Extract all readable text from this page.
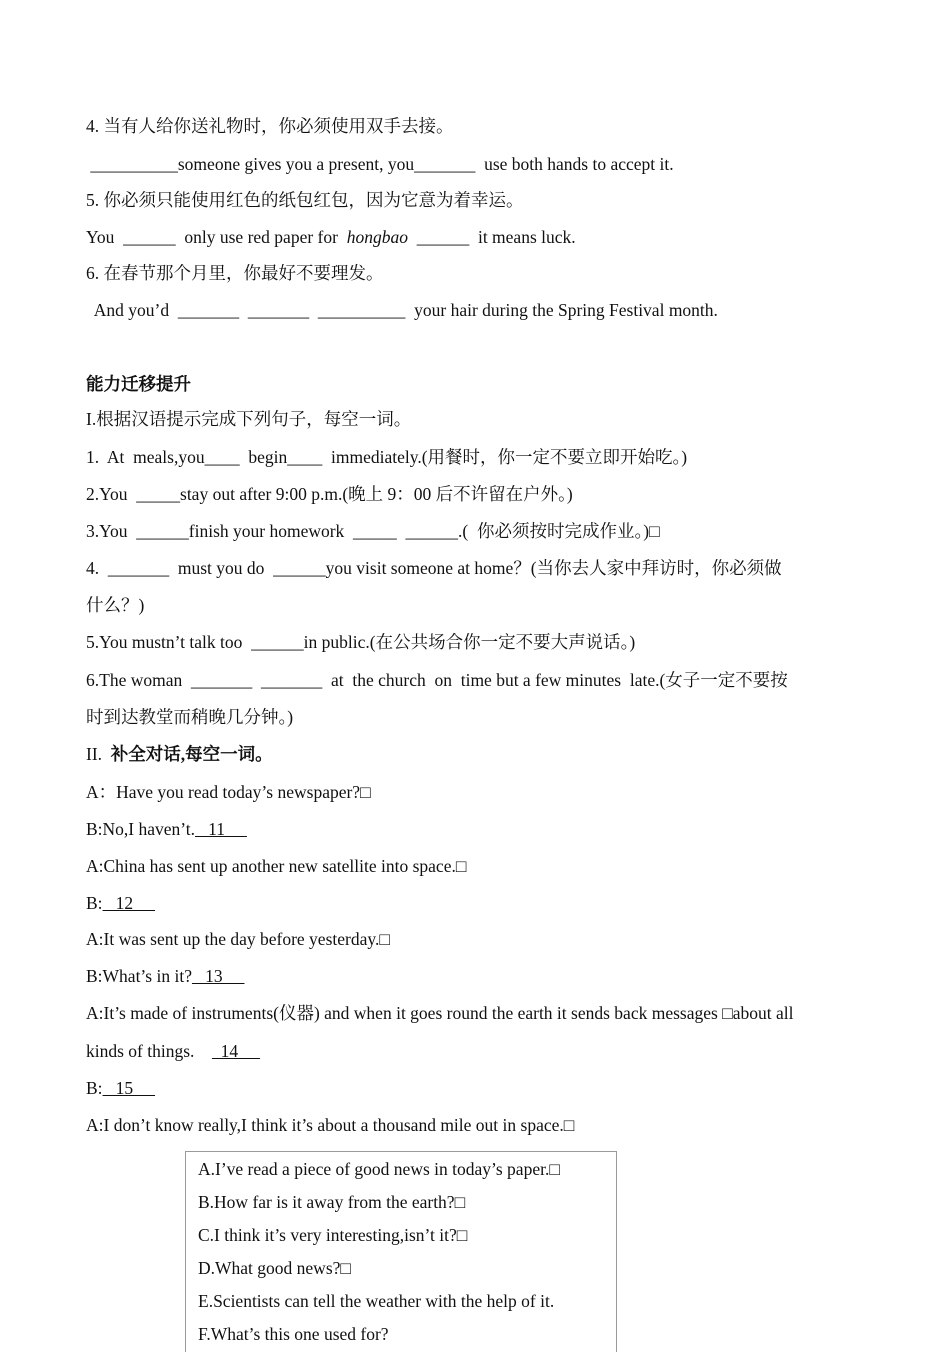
4. 当有人给你送礼物时，你必须使用双手去接。
__________someone gives you a present, you_______  use both hands to accept it.
5. 你必须只能使用红色的纸包红包，因为它意为着幸运。
You  ______  only use red paper for  hongbao  ______  it means luck.
6. 在春节那个月里，你最好不要理发。
And you’d  _______  _______  __________  your hair during the Spring Festival month.
能力迁移提升
I.根据汉语提示完成下列句子，每空一词。
1.  At  meals,you____  begin____  immediately.(用餐时，你一定不要立即开始吃。)
2.You  _____stay out after 9:00 p.m.(晚上 9：00 后不许留在户外。)
3.You  ______finish your homework  _____  ______.(  你必须按时完成作业。)□
4.  _______  must you do  ______you visit someone at home？(当你去人家中拜访时，你必须做
什么？)
5.You mustn’t talk too  ______in public.(在公共场合你一定不要大声说话。)
6.The woman  _______  _______  at  the church  on  time but a few minutes  late.(女子一定不要按
时到达教堂而稍晚几分钟。)
II.  补全对话,每空一词。
A：Have you read today’s newspaper?□
B:No,I haven’t.   11
A:China has sent up another new satellite into space.□
B:   12
A:It was sent up the day before yesterday.□
B:What’s in it?   13
A:It’s made of instruments(仪器) and when it goes round the earth it sends back messages □about all
kinds of things.      14
B:   15
A:I don’t know really,I think it’s about a thousand mile out in space.□
A.I’ve read a piece of good news in today’s paper.□
B.How far is it away from the earth?□
C.I think it’s very interesting,isn’t it?□
D.What good news?□
E.Scientists can tell the weather with the help of it.
F.What’s this one used for?
